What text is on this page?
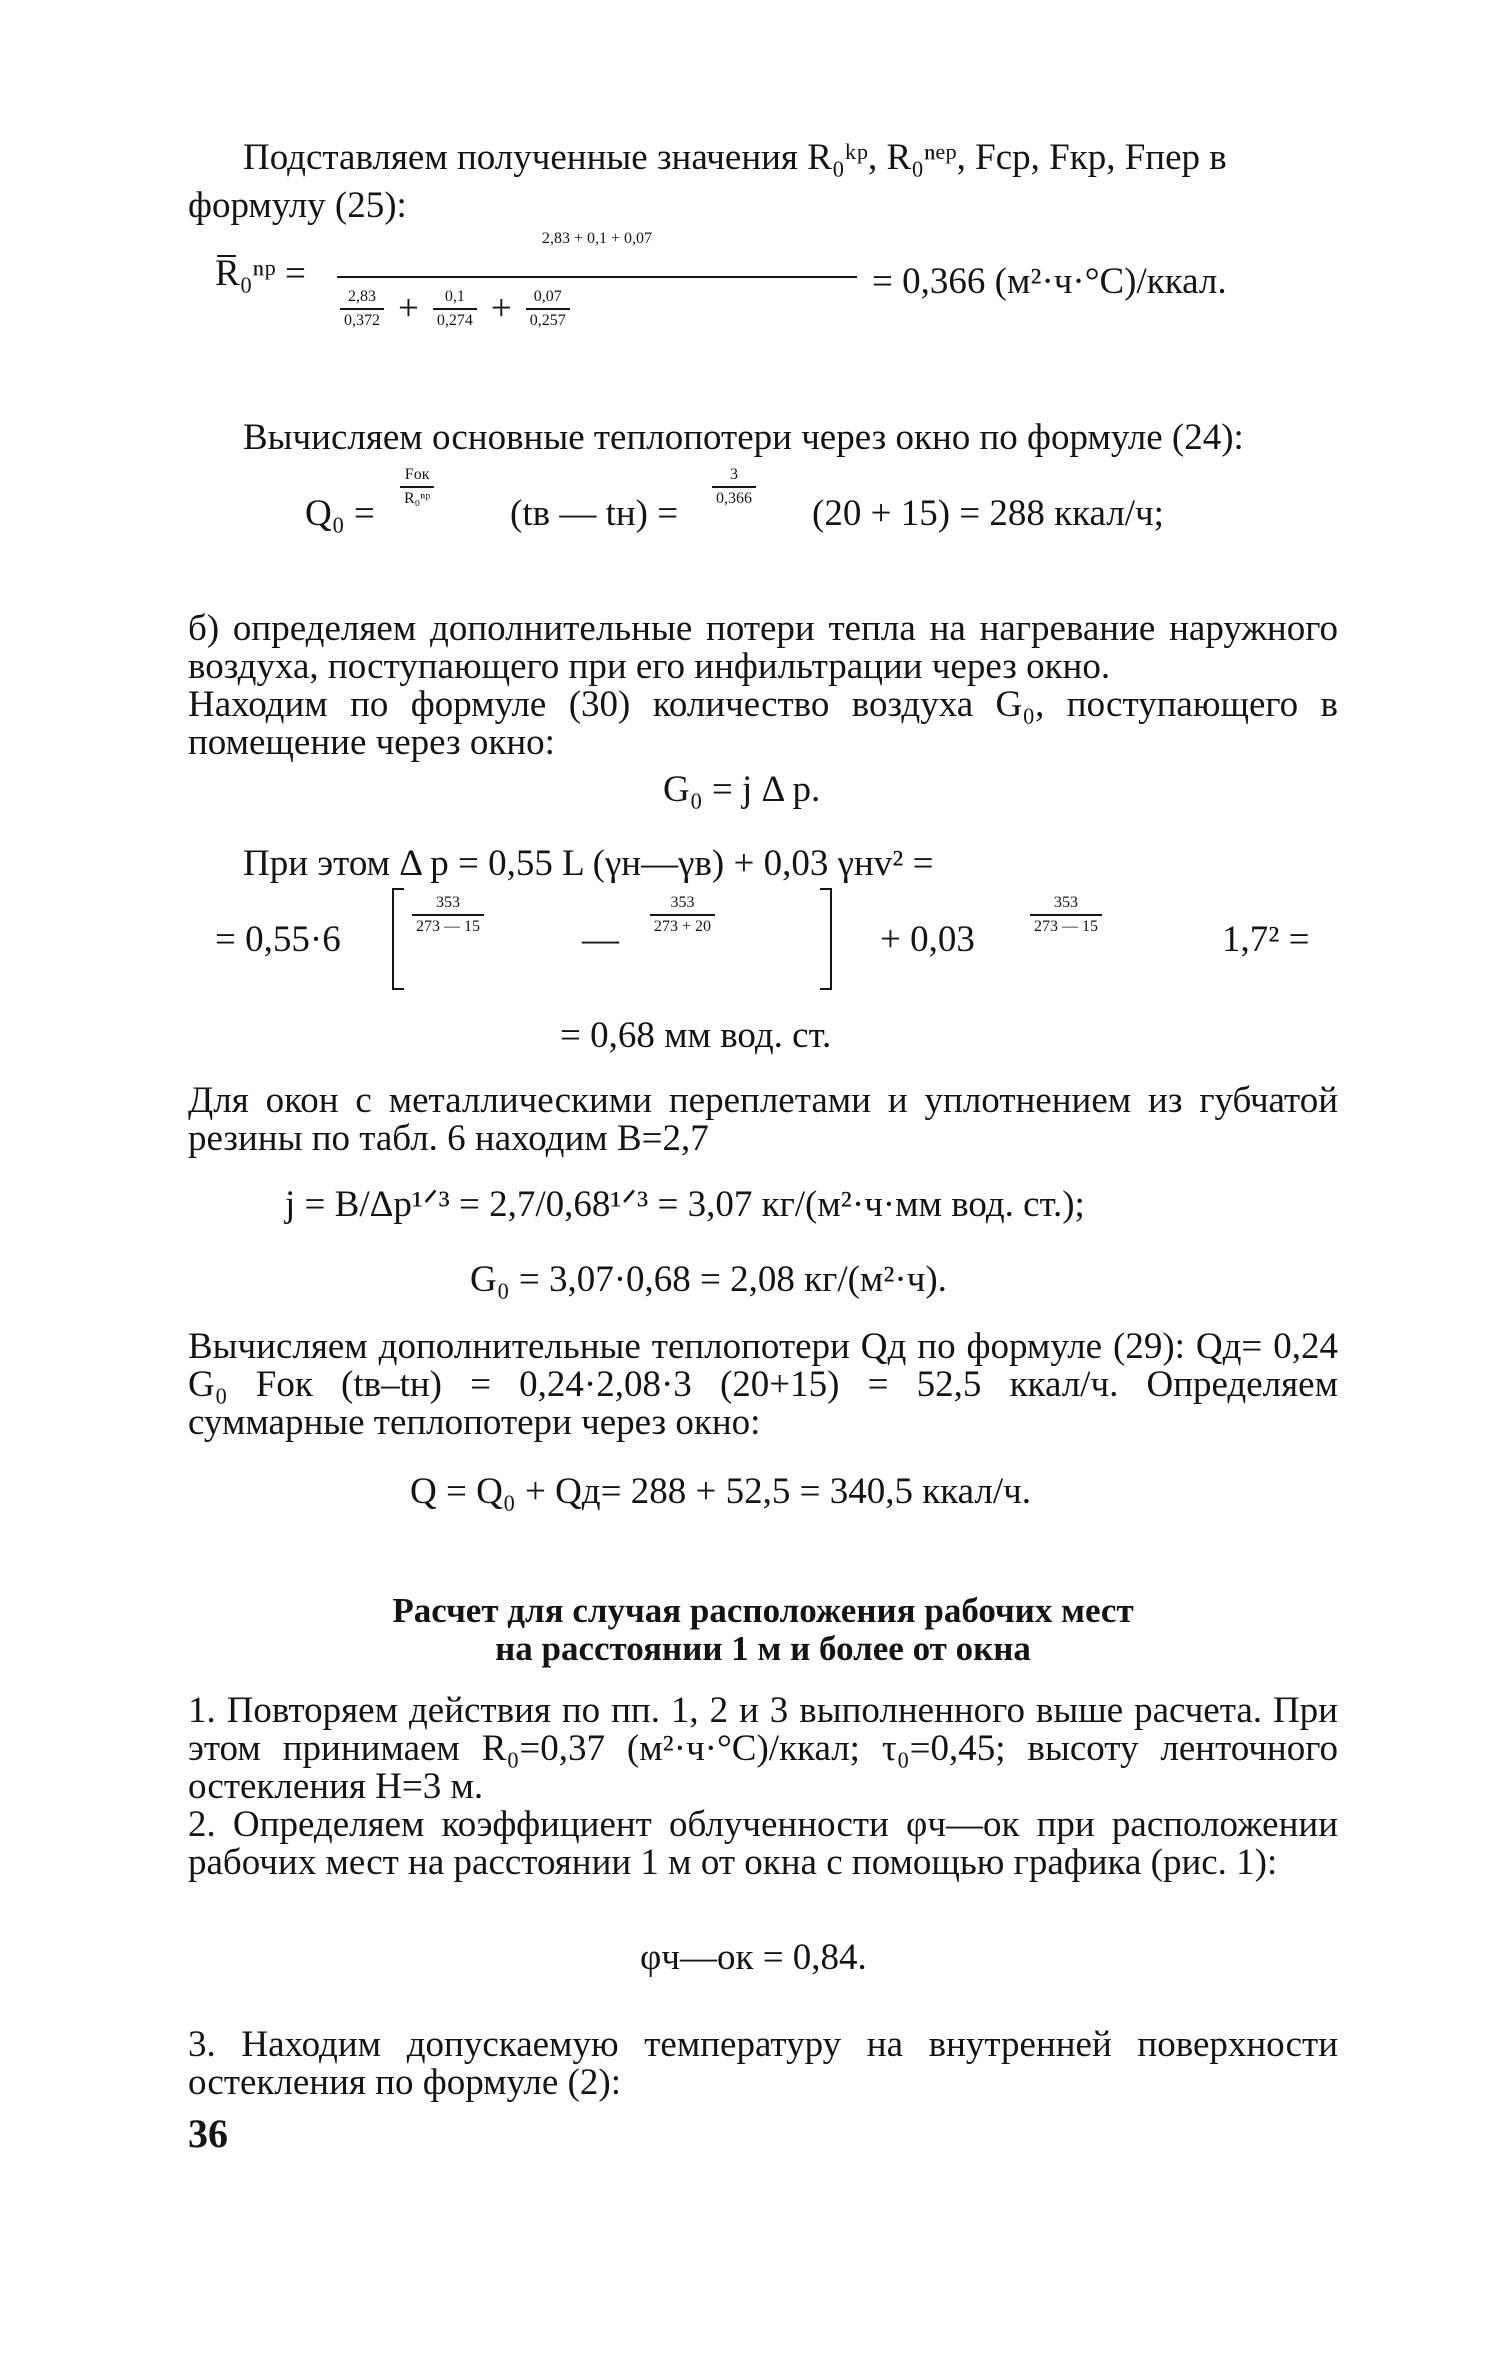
Подставляем полученные значения R₀ᵏᵖ, R₀ⁿᵉᵖ, Fср, Fкр, Fпер в
формулу (25):
R̅₀ⁿᵖ =
2,83 + 0,1 + 0,07
$\frac{2,83}{0,372} + \frac{0,1}{0,274} + \frac{0,07}{0,257}$
= 0,366 (м²·ч·°С)/ккал.
Вычисляем основные теплопотери через окно по формуле (24):
Q₀ =
Fок
R₀ⁿᵖ (tв — tн) =
$\frac{3}{0,366}$
(20 + 15) = 288 ккал/ч;
б) определяем дополнительные потери тепла на нагревание наружного воздуха, поступающего при его инфильтрации через окно.
Находим по формуле (30) количество воздуха G₀, поступающего в помещение через окно:
G₀ = j Δ p.
При этом Δ p = 0,55 L (γн—γв) + 0,03 γнv² =
= 0,55·6
$\frac{353}{273 — 15}$
—
$\frac{353}{273 + 20}$
+ 0,03
$\frac{353}{273 — 15}$
1,7² =
= 0,68 мм вод. ст.
Для окон с металлическими переплетами и уплотнением из губчатой резины по табл. 6 находим B=2,7
j = B/Δp¹ᐟ³ = 2,7/0,68¹ᐟ³ = 3,07 кг/(м²·ч·мм вод. ст.);
G₀ = 3,07·0,68 = 2,08 кг/(м²·ч).
Вычисляем дополнительные теплопотери Qд по формуле (29): Qд= 0,24 G₀ Fок (tв–tн) = 0,24·2,08·3 (20+15) = 52,5 ккал/ч. Определяем суммарные теплопотери через окно:
Q = Q₀ + Qд= 288 + 52,5 = 340,5 ккал/ч.
Расчет для случая расположения рабочих мест
на расстоянии 1 м и более от окна
1. Повторяем действия по пп. 1, 2 и 3 выполненного выше расчета. При этом принимаем R₀=0,37 (м²·ч·°С)/ккал; τ₀=0,45; высоту ленточного остекления H=3 м.
2. Определяем коэффициент облученности φч—ок при расположении рабочих мест на расстоянии 1 м от окна с помощью графика (рис. 1):
φч—ок = 0,84.
3. Находим допускаемую температуру на внутренней поверхности остекления по формуле (2):
36
